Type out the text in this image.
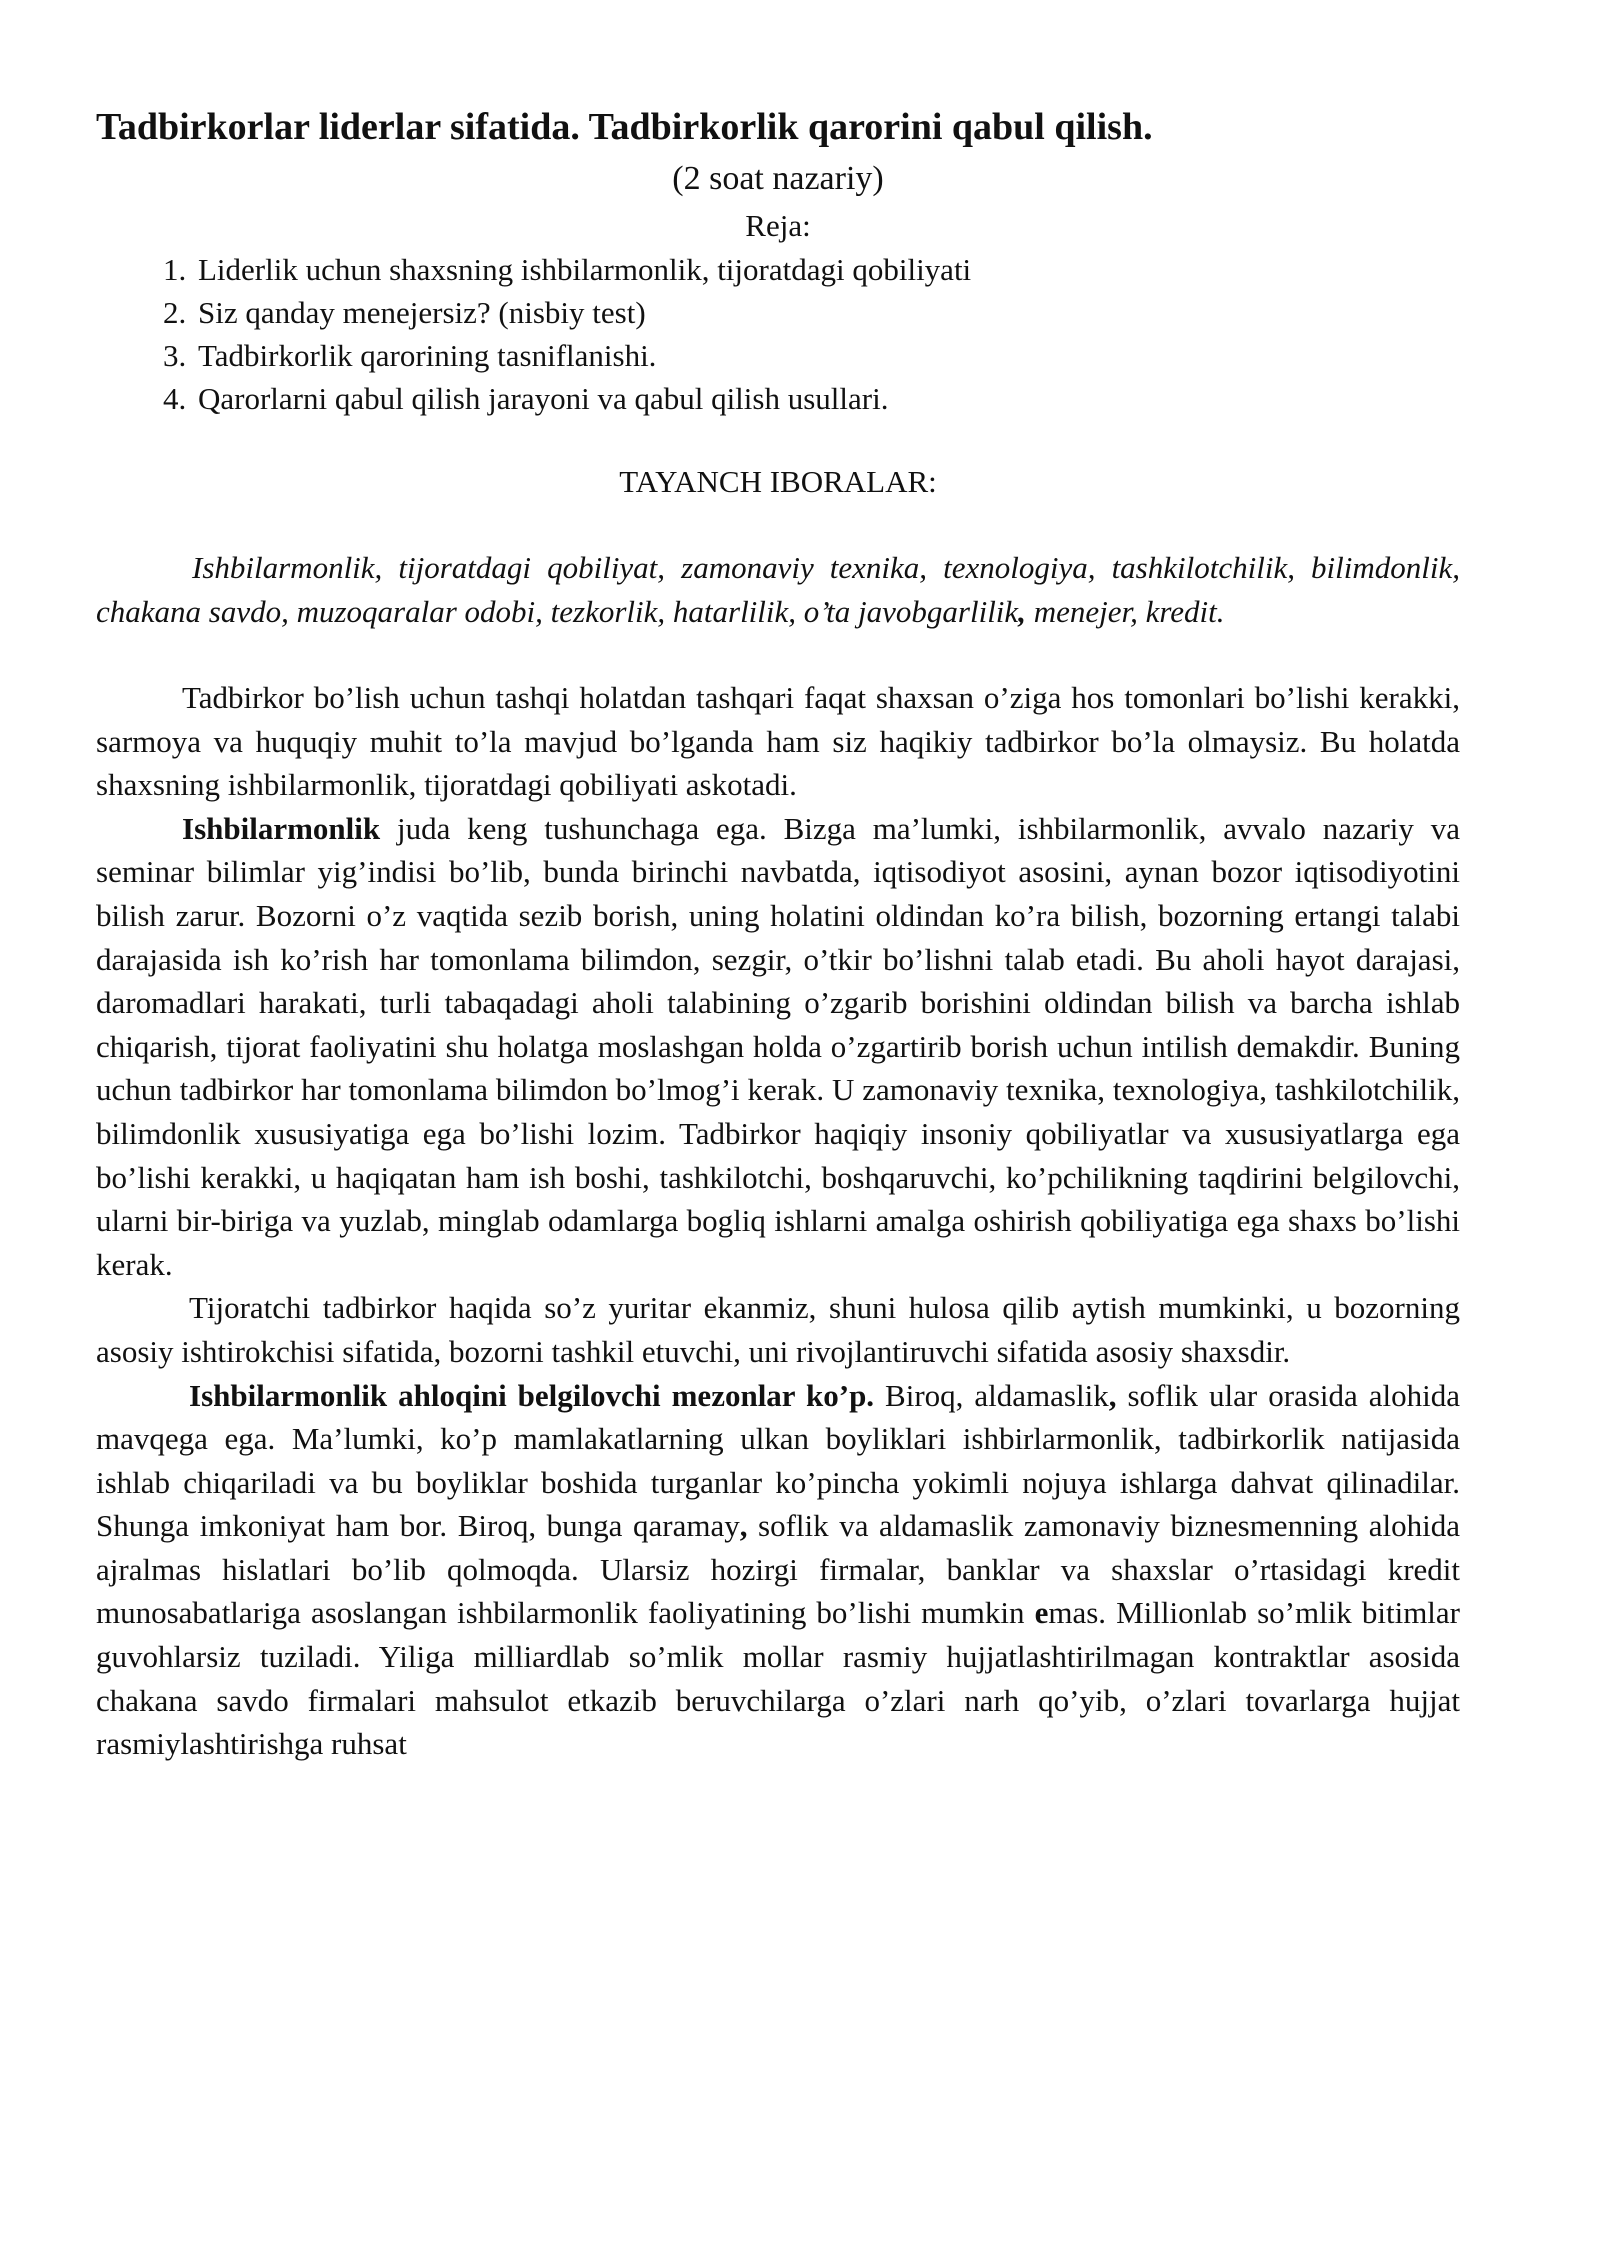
Tadbirkorlar liderlar sifatida. Tadbirkorlik qarorini qabul qilish.

(2 soat nazariy)

Reja:

1. Liderlik uchun shaxsning ishbilarmonlik, tijoratdagi qobiliyati
2. Siz qanday menejersiz? (nisbiy test)
3. Tadbirkorlik qarorining tasniflanishi.
4. Qarorlarni qabul qilish jarayoni va qabul qilish usullari.

TAYANCH IBORALAR:

Ishbilarmonlik, tijoratdagi qobiliyat, zamonaviy texnika, texnologiya, tashkilotchilik, bilimdonlik, chakana savdo, muzoqaralar odobi, tezkorlik, hatarlilik, o’ta javobgarlilik, menejer, kredit.

Tadbirkor bo’lish uchun tashqi holatdan tashqari faqat shaxsan o’ziga hos tomonlari bo’lishi kerakki, sarmoya va huquqiy muhit to’la mavjud bo’lganda ham siz haqikiy tadbirkor bo’la olmaysiz. Bu holatda shaxsning ishbilarmonlik, tijoratdagi qobiliyati askotadi.

Ishbilarmonlik juda keng tushunchaga ega. Bizga ma’lumki, ishbilarmonlik, avvalo nazariy va seminar bilimlar yig’indisi bo’lib, bunda birinchi navbatda, iqtisodiyot asosini, aynan bozor iqtisodiyotini bilish zarur. Bozorni o’z vaqtida sezib borish, uning holatini oldindan ko’ra bilish, bozorning ertangi talabi darajasida ish ko’rish har tomonlama bilimdon, sezgir, o’tkir bo’lishni talab etadi. Bu aholi hayot darajasi, daromadlari harakati, turli tabaqadagi aholi talabining o’zgarib borishini oldindan bilish va barcha ishlab chiqarish, tijorat faoliyatini shu holatga moslashgan holda o’zgartirib borish uchun intilish demakdir. Buning uchun tadbirkor har tomonlama bilimdon bo’lmog’i kerak. U zamonaviy texnika, texnologiya, tashkilotchilik, bilimdonlik xususiyatiga ega bo’lishi lozim. Tadbirkor haqiqiy insoniy qobiliyatlar va xususiyatlarga ega bo’lishi kerakki, u haqiqatan ham ish boshi, tashkilotchi, boshqaruvchi, ko’pchilikning taqdirini belgilovchi, ularni bir-biriga va yuzlab, minglab odamlarga bogliq ishlarni amalga oshirish qobiliyatiga ega shaxs bo’lishi kerak.

Tijoratchi tadbirkor haqida so’z yuritar ekanmiz, shuni hulosa qilib aytish mumkinki, u bozorning asosiy ishtirokchisi sifatida, bozorni tashkil etuvchi, uni rivojlantiruvchi sifatida asosiy shaxsdir.

Ishbilarmonlik ahloqini belgilovchi mezonlar ko’p. Biroq, aldamaslik, soflik ular orasida alohida mavqega ega. Ma’lumki, ko’p mamlakatlarning ulkan boyliklari ishbirlarmonlik, tadbirkorlik natijasida ishlab chiqariladi va bu boyliklar boshida turganlar ko’pincha yokimli nojuya ishlarga dahvat qilinadilar. Shunga imkoniyat ham bor. Biroq, bunga qaramay, soflik va aldamaslik zamonaviy biznesmenning alohida ajralmas hislatlari bo’lib qolmoqda. Ularsiz hozirgi firmalar, banklar va shaxslar o’rtasidagi kredit munosabatlariga asoslangan ishbilarmonlik faoliyatining bo’lishi mumkin emas. Millionlab so’mlik bitimlar guvohlarsiz tuziladi. Yiliga milliardlab so’mlik mollar rasmiy hujjatlashtirilmagan kontraktlar asosida chakana savdo firmalari mahsulot etkazib beruvchilarga o’zlari narh qo’yib, o’zlari tovarlarga hujjat rasmiylashtirishga ruhsat
